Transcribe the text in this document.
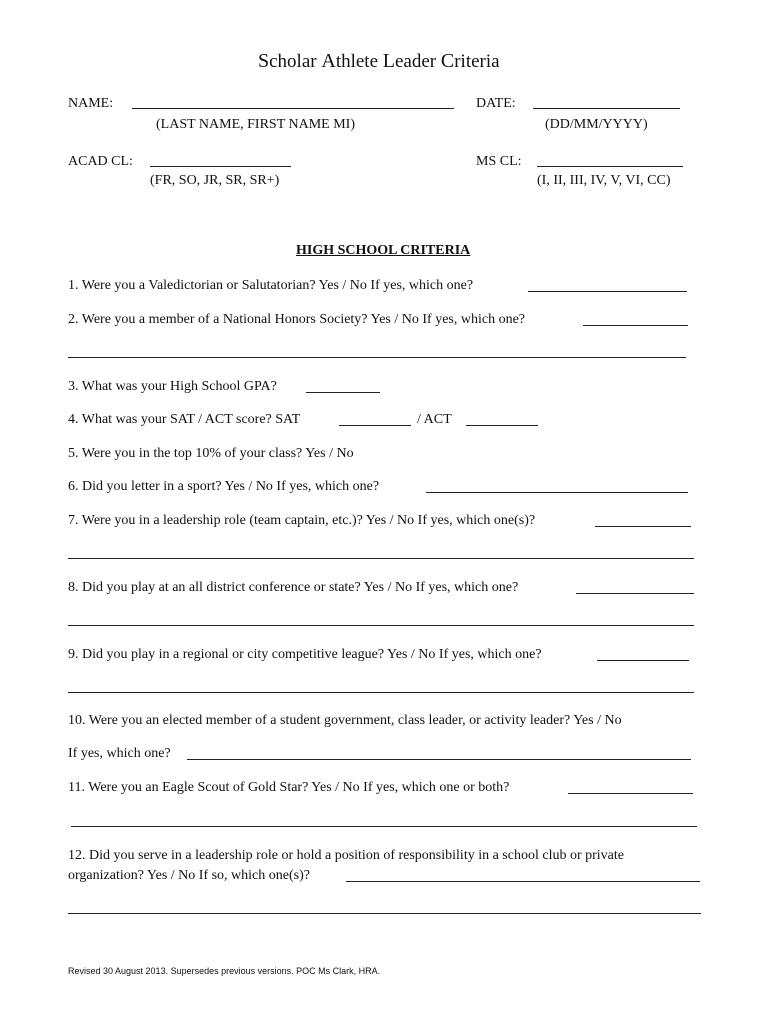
Scholar Athlete Leader Criteria
NAME:
(LAST NAME, FIRST NAME MI)
DATE:
(DD/MM/YYYY)
ACAD CL:
(FR, SO, JR, SR, SR+)
MS CL:
(I, II, III, IV, V, VI, CC)
HIGH SCHOOL CRITERIA
1. Were you a Valedictorian or Salutatorian? Yes / No If yes, which one?
2. Were you a member of a National Honors Society? Yes / No If yes, which one?
3. What was your High School GPA?
4. What was your SAT / ACT score? SAT	/ ACT
5. Were you in the top 10% of your class? Yes / No
6. Did you letter in a sport? Yes / No If yes, which one?
7. Were you in a leadership role (team captain, etc.)? Yes / No If yes, which one(s)?
8. Did you play at an all district conference or state? Yes / No If yes, which one?
9. Did you play in a regional or city competitive league? Yes / No If yes, which one?
10. Were you an elected member of a student government, class leader, or activity leader? Yes / No
If yes, which one?
11. Were you an Eagle Scout of Gold Star? Yes / No If yes, which one or both?
12. Did you serve in a leadership role or hold a position of responsibility in a school club or private
organization? Yes / No If so, which one(s)?
Revised 30 August 2013. Supersedes previous versions. POC Ms Clark, HRA.
